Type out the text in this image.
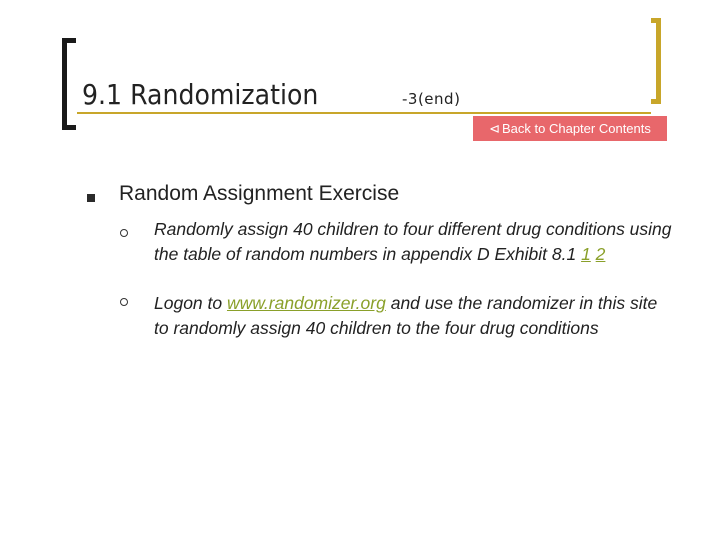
9.1 Randomization	-3(end)
⊲ Back to Chapter Contents
Random Assignment Exercise
Randomly assign 40 children to four different drug conditions using the table of random numbers in appendix D Exhibit 8.1 1 2
Logon to www.randomizer.org and use the randomizer in this site to randomly assign 40 children to the four drug conditions
